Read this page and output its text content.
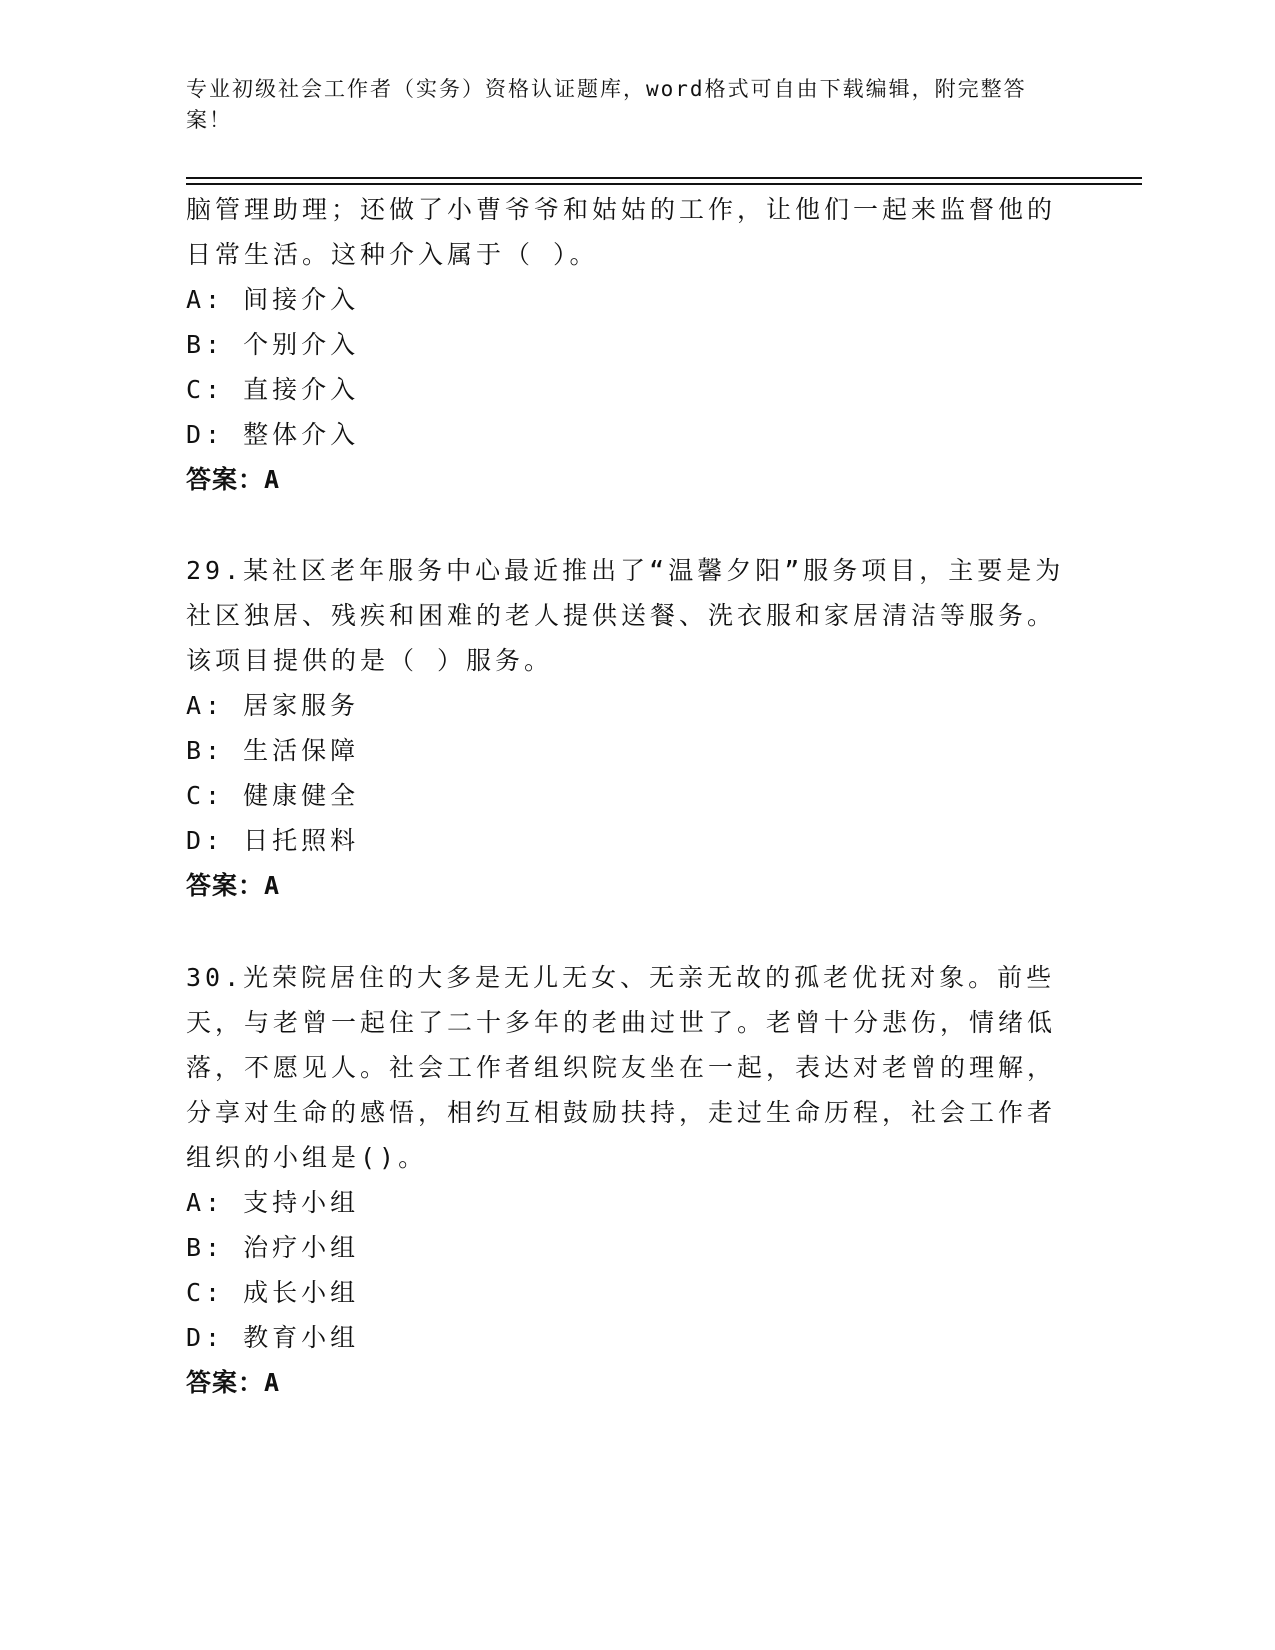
专业初级社会工作者（实务）资格认证题库，word格式可自由下载编辑，附完整答案！

脑管理助理；还做了小曹爷爷和姑姑的工作，让他们一起来监督他的日常生活。这种介入属于（ ）。

A: 间接介入

B: 个别介入

C: 直接介入

D: 整体介入

答案：A

29.某社区老年服务中心最近推出了“温馨夕阳”服务项目，主要是为社区独居、残疾和困难的老人提供送餐、洗衣服和家居清洁等服务。该项目提供的是（ ）服务。

A: 居家服务

B: 生活保障

C: 健康健全

D: 日托照料

答案：A

30.光荣院居住的大多是无儿无女、无亲无故的孤老优抚对象。前些天，与老曾一起住了二十多年的老曲过世了。老曾十分悲伤，情绪低落，不愿见人。社会工作者组织院友坐在一起，表达对老曾的理解，分享对生命的感悟，相约互相鼓励扶持，走过生命历程，社会工作者组织的小组是()。

A: 支持小组

B: 治疗小组

C: 成长小组

D: 教育小组

答案：A
